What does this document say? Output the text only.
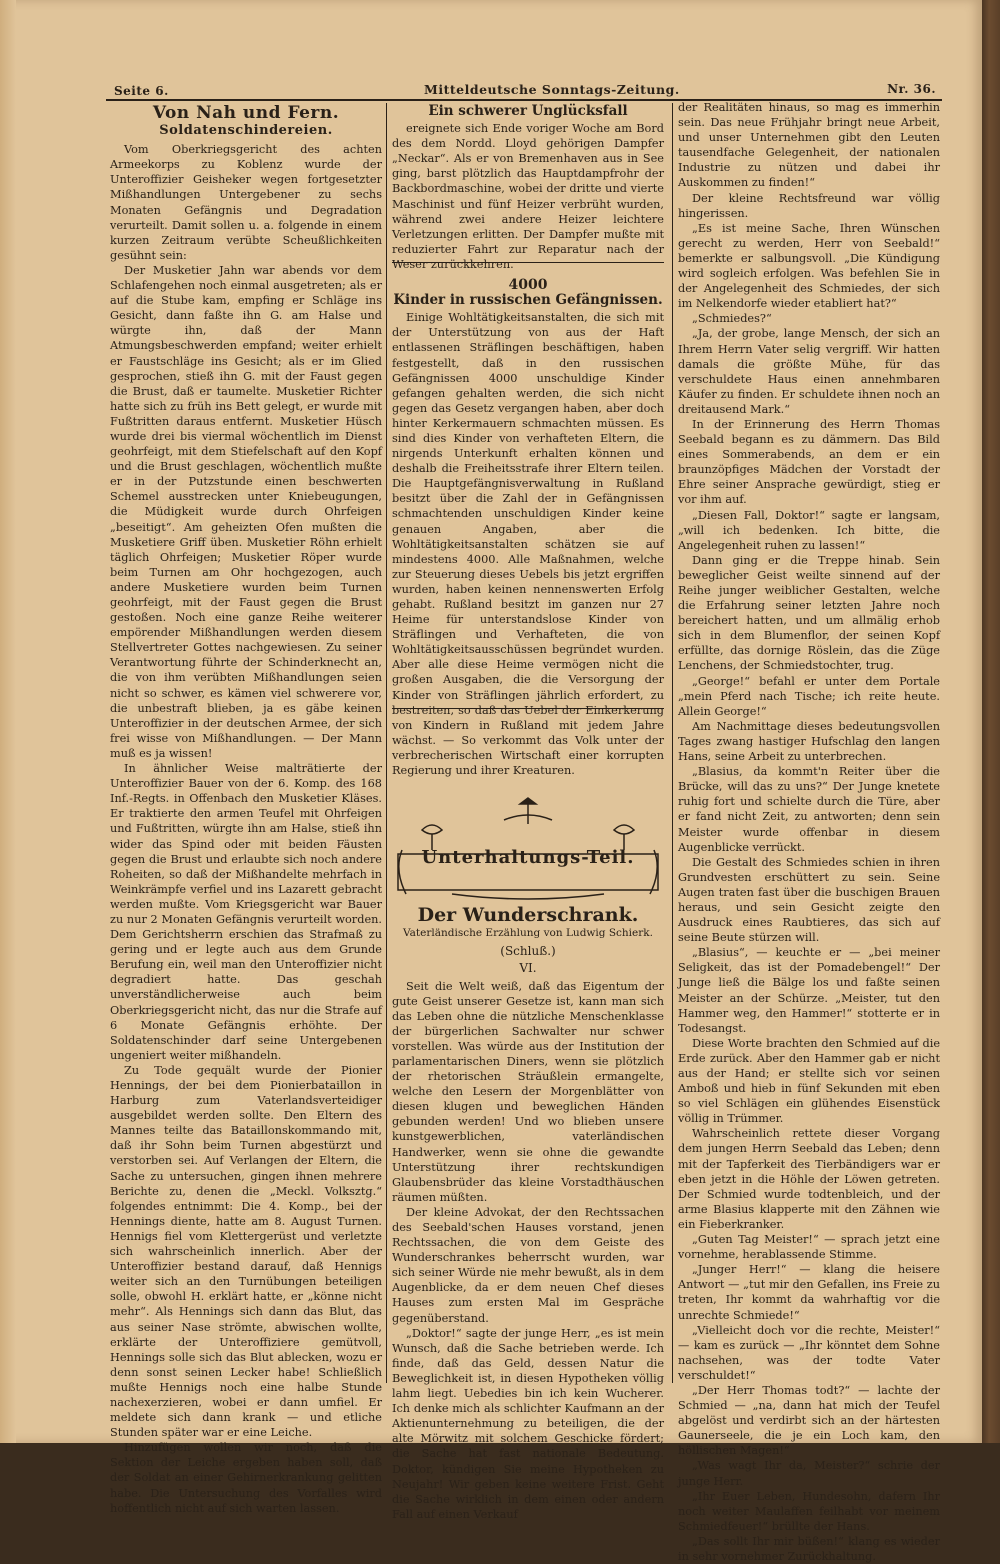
Seite 6.	Mitteldeutsche Sonntags-Zeitung.	Nr. 36.
Von Nah und Fern.
Soldatenschindereien.

Vom Oberkriegsgericht des achten Armeekorps zu Koblenz wurde der Unteroffizier Geisheker wegen fortgesetzter Mißhandlungen Untergebener zu sechs Monaten Gefängnis und Degradation verurteilt. Damit sollen u. a. folgende in einem kurzen Zeitraum verübte Scheußlichkeiten gesühnt sein:

Der Musketier Jahn war abends vor dem Schlafengehen noch einmal ausgetreten; als er auf die Stube kam, empfing er Schläge ins Gesicht, dann faßte ihn G. am Halse und würgte ihn, daß der Mann Atmungsbeschwerden empfand; weiter erhielt er Faustschläge ins Gesicht; als er im Glied gesprochen, stieß ihn G. mit der Faust gegen die Brust, daß er taumelte. Musketier Richter hatte sich zu früh ins Bett gelegt, er wurde mit Fußtritten daraus entfernt. Musketier Hüsch wurde drei bis viermal wöchentlich im Dienst geohrfeigt, mit dem Stiefelschaft auf den Kopf und die Brust geschlagen, wöchentlich mußte er in der Putzstunde einen beschwerten Schemel ausstrecken unter Kniebeugungen, die Müdigkeit wurde durch Ohrfeigen „beseitigt“. Am geheizten Ofen mußten die Musketiere Griff üben. Musketier Röhn erhielt täglich Ohrfeigen; Musketier Röper wurde beim Turnen am Ohr hochgezogen, auch andere Musketiere wurden beim Turnen geohrfeigt, mit der Faust gegen die Brust gestoßen. Noch eine ganze Reihe weiterer empörender Mißhandlungen werden diesem Stellvertreter Gottes nachgewiesen. Zu seiner Verantwortung führte der Schinderknecht an, die von ihm verübten Mißhandlungen seien nicht so schwer, es kämen viel schwerere vor, die unbestraft blieben, ja es gäbe keinen Unteroffizier in der deutschen Armee, der sich frei wisse von Mißhandlungen. — Der Mann muß es ja wissen!

In ähnlicher Weise malträtierte der Unteroffizier Bauer von der 6. Komp. des 168 Inf.-Regts. in Offenbach den Musketier Kläses. Er traktierte den armen Teufel mit Ohrfeigen und Fußtritten, würgte ihn am Halse, stieß ihn wider das Spind oder mit beiden Fäusten gegen die Brust und erlaubte sich noch andere Roheiten, so daß der Mißhandelte mehrfach in Weinkrämpfe verfiel und ins Lazarett gebracht werden mußte. Vom Kriegsgericht war Bauer zu nur 2 Monaten Gefängnis verurteilt worden. Dem Gerichtsherrn erschien das Strafmaß zu gering und er legte auch aus dem Grunde Berufung ein, weil man den Unteroffizier nicht degradiert hatte. Das geschah unverständlicherweise auch beim Oberkriegsgericht nicht, das nur die Strafe auf 6 Monate Gefängnis erhöhte. Der Soldatenschinder darf seine Untergebenen ungeniert weiter mißhandeln.

Zu Tode gequält wurde der Pionier Hennings, der bei dem Pionierbataillon in Harburg zum Vaterlandsverteidiger ausgebildet werden sollte. Den Eltern des Mannes teilte das Bataillonskommando mit, daß ihr Sohn beim Turnen abgestürzt und verstorben sei. Auf Verlangen der Eltern, die Sache zu untersuchen, gingen ihnen mehrere Berichte zu, denen die „Meckl. Volksztg.“ folgendes entnimmt: Die 4. Komp., bei der Hennings diente, hatte am 8. August Turnen. Hennigs fiel vom Klettergerüst und verletzte sich wahrscheinlich innerlich. Aber der Unteroffizier bestand darauf, daß Hennigs weiter sich an den Turnübungen beteiligen solle, obwohl H. erklärt hatte, er „könne nicht mehr“. Als Hennings sich dann das Blut, das aus seiner Nase strömte, abwischen wollte, erklärte der Unteroffiziere gemütvoll, Hennings solle sich das Blut ablecken, wozu er denn sonst seinen Lecker habe! Schließlich mußte Hennigs noch eine halbe Stunde nachexerzieren, wobei er dann umfiel. Er meldete sich dann krank — und etliche Stunden später war er eine Leiche.

Hinzufügen wollen wir noch, daß die Sektion der Leiche ergeben haben soll, daß der Soldat an einer Gehirnerkrankung gelitten habe. Die Untersuchung des Vorfalles wird hoffentlich nicht auf sich warten lassen.

Ein schwerer Unglücksfall

ereignete sich Ende voriger Woche am Bord des dem Nordd. Lloyd gehörigen Dampfer „Neckar“. Als er von Bremenhaven aus in See ging, barst plötzlich das Hauptdampfrohr der Backbordmaschine, wobei der dritte und vierte Maschinist und fünf Heizer verbrüht wurden, während zwei andere Heizer leichtere Verletzungen erlitten. Der Dampfer mußte mit reduzierter Fahrt zur Reparatur nach der Weser zurückkehren.

4000
Kinder in russischen Gefängnissen.

Einige Wohltätigkeitsanstalten, die sich mit der Unterstützung von aus der Haft entlassenen Sträflingen beschäftigen, haben festgestellt, daß in den russischen Gefängnissen 4000 unschuldige Kinder gefangen gehalten werden, die sich nicht gegen das Gesetz vergangen haben, aber doch hinter Kerkermauern schmachten müssen. Es sind dies Kinder von verhafteten Eltern, die nirgends Unterkunft erhalten können und deshalb die Freiheitsstrafe ihrer Eltern teilen. Die Hauptgefängnisverwaltung in Rußland besitzt über die Zahl der in Gefängnissen schmachtenden unschuldigen Kinder keine genauen Angaben, aber die Wohltätigkeitsanstalten schätzen sie auf mindestens 4000. Alle Maßnahmen, welche zur Steuerung dieses Uebels bis jetzt ergriffen wurden, haben keinen nennenswerten Erfolg gehabt. Rußland besitzt im ganzen nur 27 Heime für unterstandslose Kinder von Sträflingen und Verhafteten, die von Wohltätigkeitsausschüssen begründet wurden. Aber alle diese Heime vermögen nicht die großen Ausgaben, die die Versorgung der Kinder von Sträflingen jährlich erfordert, zu bestreiten, so daß das Uebel der Einkerkerung von Kindern in Rußland mit jedem Jahre wächst. — So verkommt das Volk unter der verbrecherischen Wirtschaft einer korrupten Regierung und ihrer Kreaturen.

Unterhaltungs-Teil.
Der Wunderschrank.
Vaterländische Erzählung von Ludwig Schierk.
(Schluß.)
VI.

Seit die Welt weiß, daß das Eigentum der gute Geist unserer Gesetze ist, kann man sich das Leben ohne die nützliche Menschenklasse der bürgerlichen Sachwalter nur schwer vorstellen. Was würde aus der Institution der parlamentarischen Diners, wenn sie plötzlich der rhetorischen Sträußlein ermangelte, welche den Lesern der Morgenblätter von diesen klugen und beweglichen Händen gebunden werden! Und wo blieben unsere kunstgewerblichen, vaterländischen Handwerker, wenn sie ohne die gewandte Unterstützung ihrer rechtskundigen Glaubensbrüder das kleine Vorstadthäuschen räumen müßten.

Der kleine Advokat, der den Rechtssachen des Seebald'schen Hauses vorstand, jenen Rechtssachen, die von dem Geiste des Wunderschrankes beherrscht wurden, war sich seiner Würde nie mehr bewußt, als in dem Augenblicke, da er dem neuen Chef dieses Hauses zum ersten Mal im Gespräche gegenüberstand.

„Doktor!“ sagte der junge Herr, „es ist mein Wunsch, daß die Sache betrieben werde. Ich finde, daß das Geld, dessen Natur die Beweglichkeit ist, in diesen Hypotheken völlig lahm liegt. Uebedies bin ich kein Wucherer. Ich denke mich als schlichter Kaufmann an der Aktienunternehmung zu beteiligen, die der alte Mörwitz mit solchem Geschicke fördert; die Sache hat fast nationale Bedeutung. Doktor, kündigen Sie meine Hypotheken zu Neujahr! Wir geben keine weitere Frist. Geht die Sache wirklich in dem einen oder andern Fall auf einen Verkauf

der Realitäten hinaus, so mag es immerhin sein. Das neue Frühjahr bringt neue Arbeit, und unser Unternehmen gibt den Leuten tausendfache Gelegenheit, der nationalen Industrie zu nützen und dabei ihr Auskommen zu finden!“

Der kleine Rechtsfreund war völlig hingerissen.

„Es ist meine Sache, Ihren Wünschen gerecht zu werden, Herr von Seebald!“ bemerkte er salbungsvoll. „Die Kündigung wird sogleich erfolgen. Was befehlen Sie in der Angelegenheit des Schmiedes, der sich im Nelkendorfe wieder etabliert hat?“

„Schmiedes?“

„Ja, der grobe, lange Mensch, der sich an Ihrem Herrn Vater selig vergriff. Wir hatten damals die größte Mühe, für das verschuldete Haus einen annehmbaren Käufer zu finden. Er schuldete ihnen noch an dreitausend Mark.“

In der Erinnerung des Herrn Thomas Seebald begann es zu dämmern. Das Bild eines Sommerabends, an dem er ein braunzöpfiges Mädchen der Vorstadt der Ehre seiner Ansprache gewürdigt, stieg er vor ihm auf.

„Diesen Fall, Doktor!“ sagte er langsam, „will ich bedenken. Ich bitte, die Angelegenheit ruhen zu lassen!“

Dann ging er die Treppe hinab. Sein beweglicher Geist weilte sinnend auf der Reihe junger weiblicher Gestalten, welche die Erfahrung seiner letzten Jahre noch bereichert hatten, und um allmälig erhob sich in dem Blumenflor, der seinen Kopf erfüllte, das dornige Röslein, das die Züge Lenchens, der Schmiedstochter, trug.

„George!“ befahl er unter dem Portale „mein Pferd nach Tische; ich reite heute. Allein George!“

Am Nachmittage dieses bedeutungsvollen Tages zwang hastiger Hufschlag den langen Hans, seine Arbeit zu unterbrechen.

„Blasius, da kommt'n Reiter über die Brücke, will das zu uns?“ Der Junge knetete ruhig fort und schielte durch die Türe, aber er fand nicht Zeit, zu antworten; denn sein Meister wurde offenbar in diesem Augenblicke verrückt.

Die Gestalt des Schmiedes schien in ihren Grundvesten erschüttert zu sein. Seine Augen traten fast über die buschigen Brauen heraus, und sein Gesicht zeigte den Ausdruck eines Raubtieres, das sich auf seine Beute stürzen will.

„Blasius“, — keuchte er — „bei meiner Seligkeit, das ist der Pomadebengel!“ Der Junge ließ die Bälge los und faßte seinen Meister an der Schürze. „Meister, tut den Hammer weg, den Hammer!“ stotterte er in Todesangst.

Diese Worte brachten den Schmied auf die Erde zurück. Aber den Hammer gab er nicht aus der Hand; er stellte sich vor seinen Amboß und hieb in fünf Sekunden mit eben so viel Schlägen ein glühendes Eisenstück völlig in Trümmer.

Wahrscheinlich rettete dieser Vorgang dem jungen Herrn Seebald das Leben; denn mit der Tapferkeit des Tierbändigers war er eben jetzt in die Höhle der Löwen getreten. Der Schmied wurde todtenbleich, und der arme Blasius klapperte mit den Zähnen wie ein Fieberkranker.

„Guten Tag Meister!“ — sprach jetzt eine vornehme, herablassende Stimme.

„Junger Herr!“ — klang die heisere Antwort — „tut mir den Gefallen, ins Freie zu treten, Ihr kommt da wahrhaftig vor die unrechte Schmiede!“

„Vielleicht doch vor die rechte, Meister!“ — kam es zurück — „Ihr könntet dem Sohne nachsehen, was der todte Vater verschuldet!“

„Der Herr Thomas todt?“ — lachte der Schmied — „na, dann hat mich der Teufel abgelöst und verdirbt sich an der härtesten Gaunerseele, die je ein Loch kam, den höllischen Magen!“

„Was wagt Ihr da, Meister?“ schrie der junge Herr.

„Ihr Euer Leben, Hundesohn, dafern Ihr noch weiter Maulaffen feilhabt vor meinem Schmiedfeuer!“ brüllte der Hans.

„Das sollt Ihr mir büßen!“ klang es wieder in sehr vornehmer Zurückhaltung.
